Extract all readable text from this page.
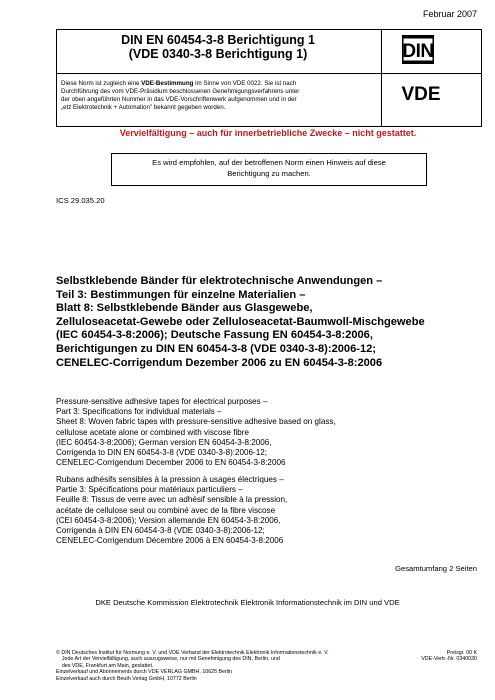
Februar 2007
DIN EN 60454-3-8 Berichtigung 1
(VDE 0340-3-8 Berichtigung 1)
Diese Norm ist zugleich eine VDE-Bestimmung im Sinne von VDE 0022. Sie ist nach
Durchführung des vom VDE-Präsidium beschlossenen Genehmigungsverfahrens unter
der oben angeführten Nummer in das VDE-Vorschriftenwerk aufgenommen und in der
„etz Elektrotechnik + Automation" bekannt gegeben worden.
DIN
VDE
Vervielfältigung – auch für innerbetriebliche Zwecke – nicht gestattet.
Es wird empfohlen, auf der betroffenen Norm einen Hinweis auf diese
Berichtigung zu machen.
ICS 29.035.20
Selbstklebende Bänder für elektrotechnische Anwendungen –
Teil 3: Bestimmungen für einzelne Materialien –
Blatt 8: Selbstklebende Bänder aus Glasgewebe,
Zelluloseacetat-Gewebe oder Zelluloseacetat-Baumwoll-Mischgewebe
(IEC 60454-3-8:2006); Deutsche Fassung EN 60454-3-8:2006,
Berichtigungen zu DIN EN 60454-3-8 (VDE 0340-3-8):2006-12;
CENELEC-Corrigendum Dezember 2006 zu EN 60454-3-8:2006
Pressure-sensitive adhesive tapes for electrical purposes –
Part 3: Specifications for individual materials –
Sheet 8: Woven fabric tapes with pressure-sensitive adhesive based on glass,
cellulose acetate alone or combined with viscose fibre
(IEC 60454-3-8:2006); German version EN 60454-3-8:2006,
Corrigenda to DIN EN 60454-3-8 (VDE 0340-3-8):2006-12;
CENELEC-Corrigendum December 2006 to EN 60454-3-8:2006
Rubans adhésifs sensibles à la pression à usages électriques –
Partie 3: Spécifications pour matériaux particuliers –
Feuille 8: Tissus de verre avec un adhésif sensible à la pression,
acétate de cellulose seul ou combiné avec de la fibre viscose
(CEI 60454-3-8:2006); Version allemande EN 60454-3-8:2006,
Corrigenda à DIN EN 60454-3-8 (VDE 0340-3-8):2006-12;
CENELEC-Corrigendum Décembre 2006 à EN 60454-3-8:2006
Gesamtumfang 2 Seiten
DKE Deutsche Kommission Elektrotechnik Elektronik Informationstechnik im DIN und VDE
© DIN Deutsches Institut für Normung e. V. und VDE Verband der Elektrotechnik Elektronik Informationstechnik e. V.
Jede Art der Vervielfältigung, auch auszugsweise, nur mit Genehmigung des DIN, Berlin, und
des VDE, Frankfurt am Main, gestattet.
Einzelverkauf und Abonnements durch VDE VERLAG GMBH, 10625 Berlin
Einzelverkauf auch durch Beuth Verlag GmbH, 10772 Berlin
Preisgr. 00 K
VDE-Vertr.-Nr. 0340030
